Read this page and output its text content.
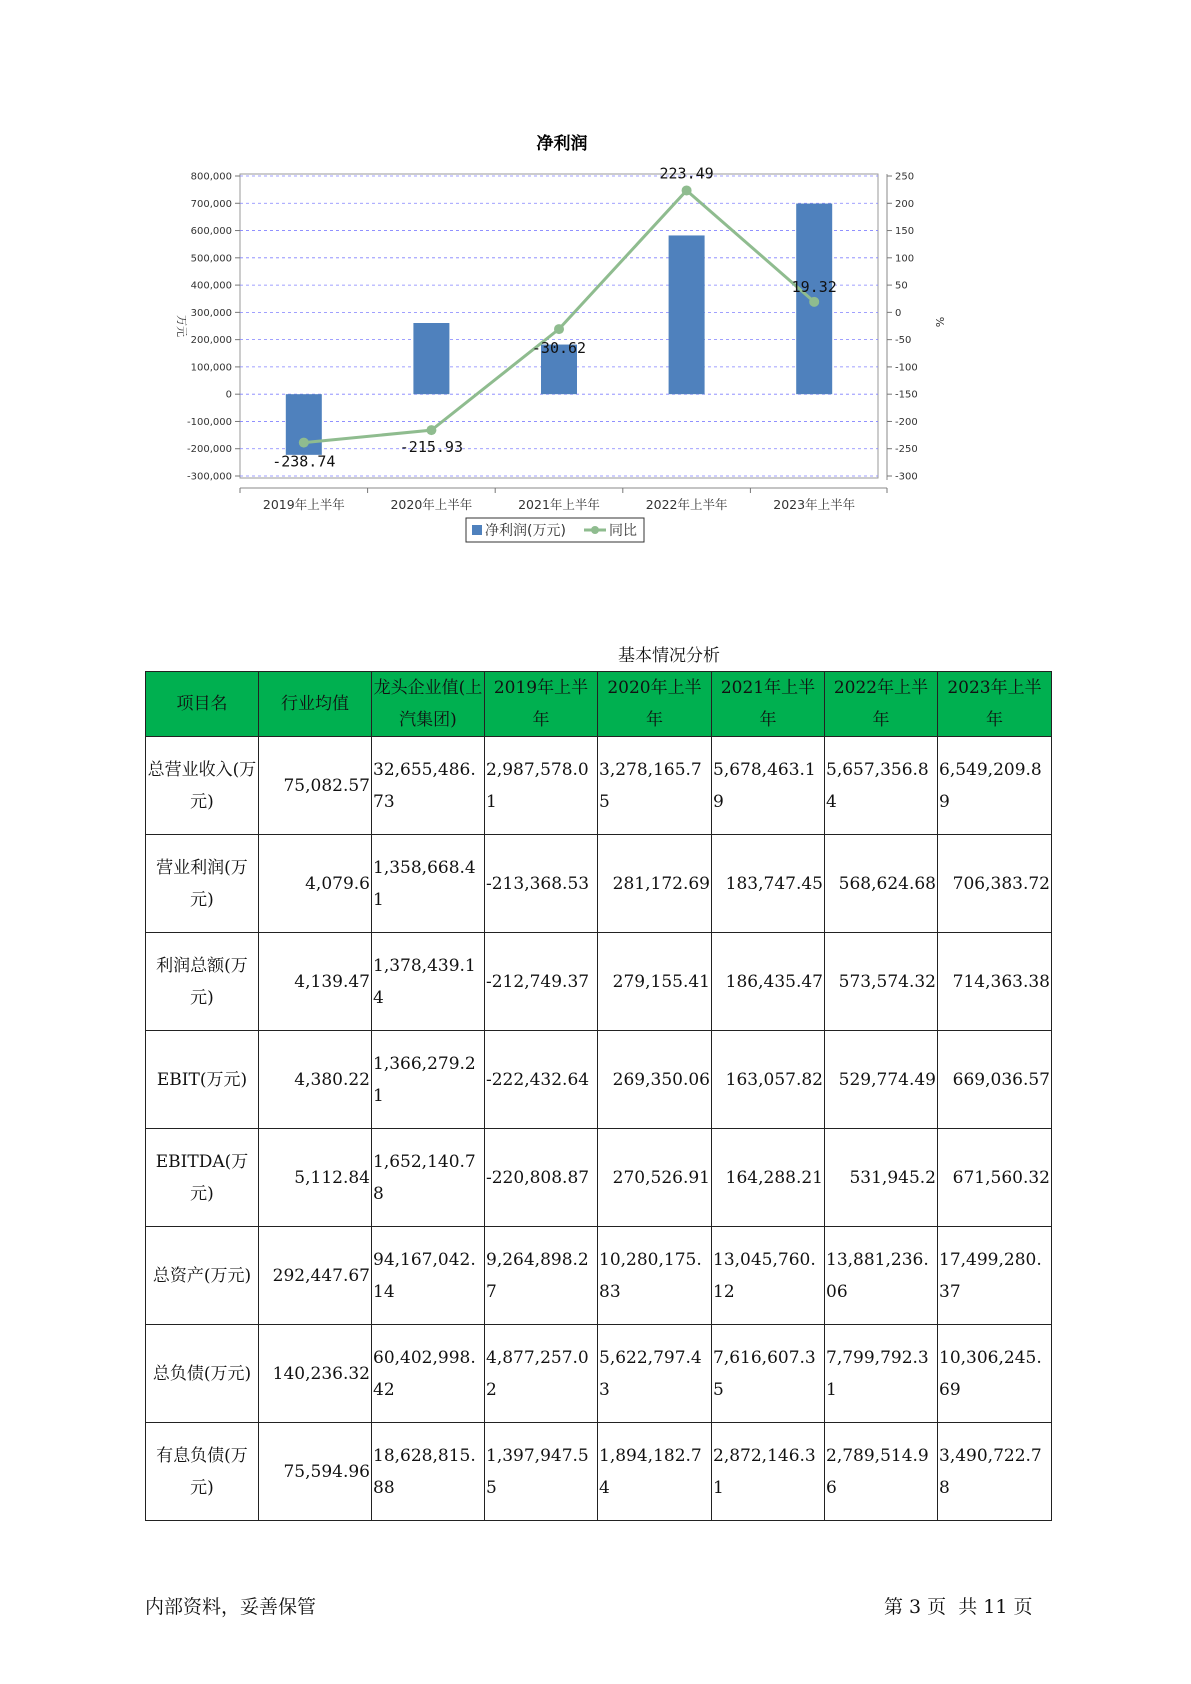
净利润
800,000
700,000
600,000
500,000
400,000
300,000
200,000
100,000
0
-100,000
-200,000
-300,000
250
200
150
100
50
0
-50
-100
-150
-200
-250
-300
万元	%
2019年上半年	2020年上半年	2021年上半年	2022年上半年	2023年上半年
-238.74
-215.93
-30.62
223.49
19.32
净利润(万元)	同比
基本情况分析
项目名	行业均值	龙头企业值(上汽集团)	2019年上半年	2020年上半年	2021年上半年	2022年上半年	2023年上半年
总营业收入(万元)	75,082.57	32,655,486.73	2,987,578.01	3,278,165.75	5,678,463.19	5,657,356.84	6,549,209.89
营业利润(万元)	4,079.6	1,358,668.41	-213,368.53	281,172.69	183,747.45	568,624.68	706,383.72
利润总额(万元)	4,139.47	1,378,439.14	-212,749.37	279,155.41	186,435.47	573,574.32	714,363.38
EBIT(万元)	4,380.22	1,366,279.21	-222,432.64	269,350.06	163,057.82	529,774.49	669,036.57
EBITDA(万元)	5,112.84	1,652,140.78	-220,808.87	270,526.91	164,288.21	531,945.2	671,560.32
总资产(万元)	292,447.67	94,167,042.14	9,264,898.27	10,280,175.83	13,045,760.12	13,881,236.06	17,499,280.37
总负债(万元)	140,236.32	60,402,998.42	4,877,257.02	5,622,797.43	7,616,607.35	7,799,792.31	10,306,245.69
有息负债(万元)	75,594.96	18,628,815.88	1,397,947.55	1,894,182.74	2,872,146.31	2,789,514.96	3,490,722.78
内部资料，妥善保管	第 3 页  共 11 页
